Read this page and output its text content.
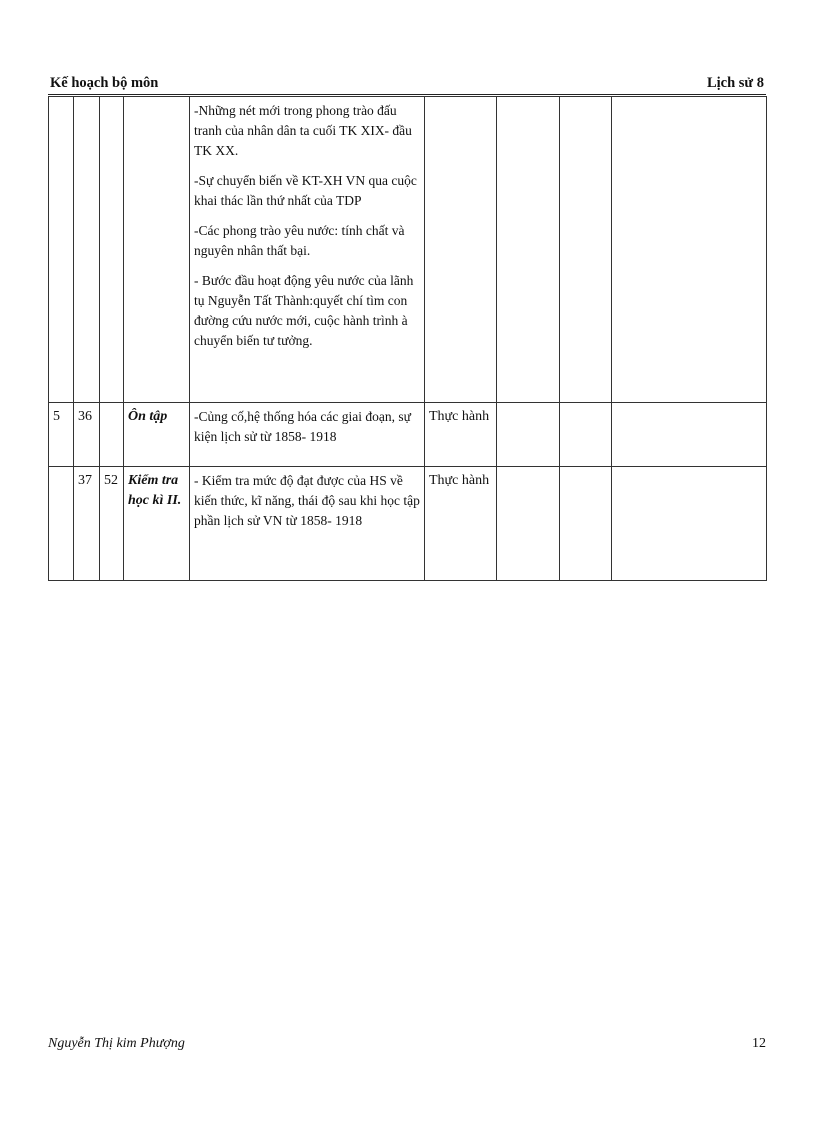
Kế hoạch bộ môn	Lịch sử 8

				-Những nét mới trong phong trào đấu tranh của nhân dân ta cuối TK XIX- đầu TK XX.

-Sự chuyển biến về KT-XH VN qua cuộc khai thác lần thứ nhất của TDP

-Các phong trào yêu nước: tính chất và nguyên nhân thất bại.

- Bước đầu hoạt động yêu nước của lãnh tụ Nguyễn Tất Thành:quyết chí tìm con đường cứu nước mới, cuộc hành trình à chuyển biến tư tưởng.				

5	36		Ôn tập	-Củng cố,hệ thống hóa các giai đoạn, sự kiện lịch sử từ 1858- 1918	Thực hành			
	37	52	Kiểm tra học kì II.	- Kiểm tra mức độ đạt được của HS về kiến thức, kĩ năng, thái độ sau khi học tập phần lịch sử VN từ 1858- 1918	Thực hành			
Nguyễn Thị kim Phượng	12
